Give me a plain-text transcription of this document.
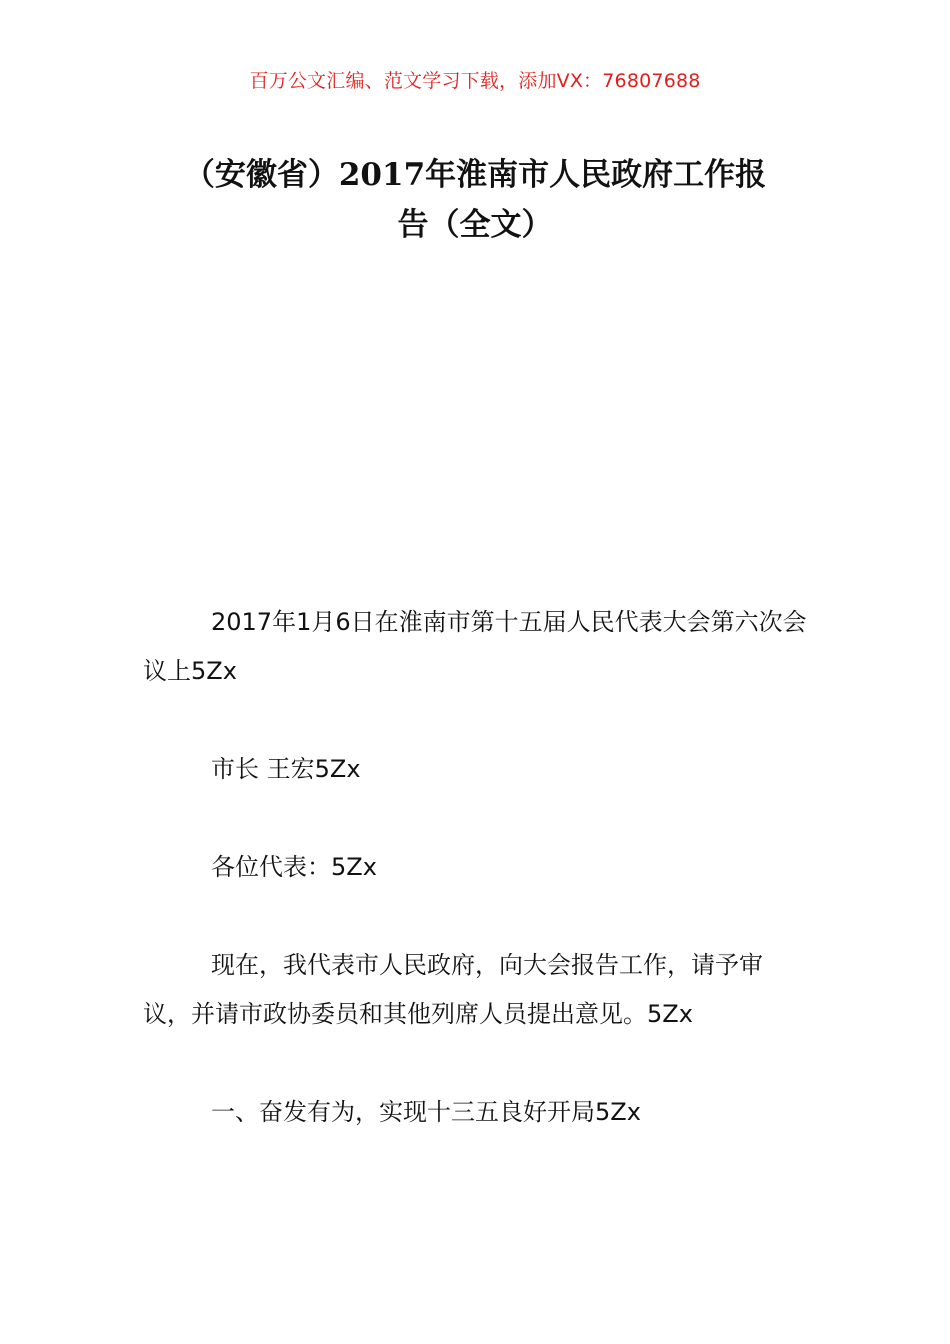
百万公文汇编、范文学习下载，添加VX：76807688
（安徽省）2017年淮南市人民政府工作报
告（全文）

2017年1月6日在淮南市第十五届人民代表大会第六次会议上5Zx

市长 王宏5Zx

各位代表：5Zx

现在，我代表市人民政府，向大会报告工作，请予审议，并请市政协委员和其他列席人员提出意见。5Zx

一、奋发有为，实现十三五良好开局5Zx
